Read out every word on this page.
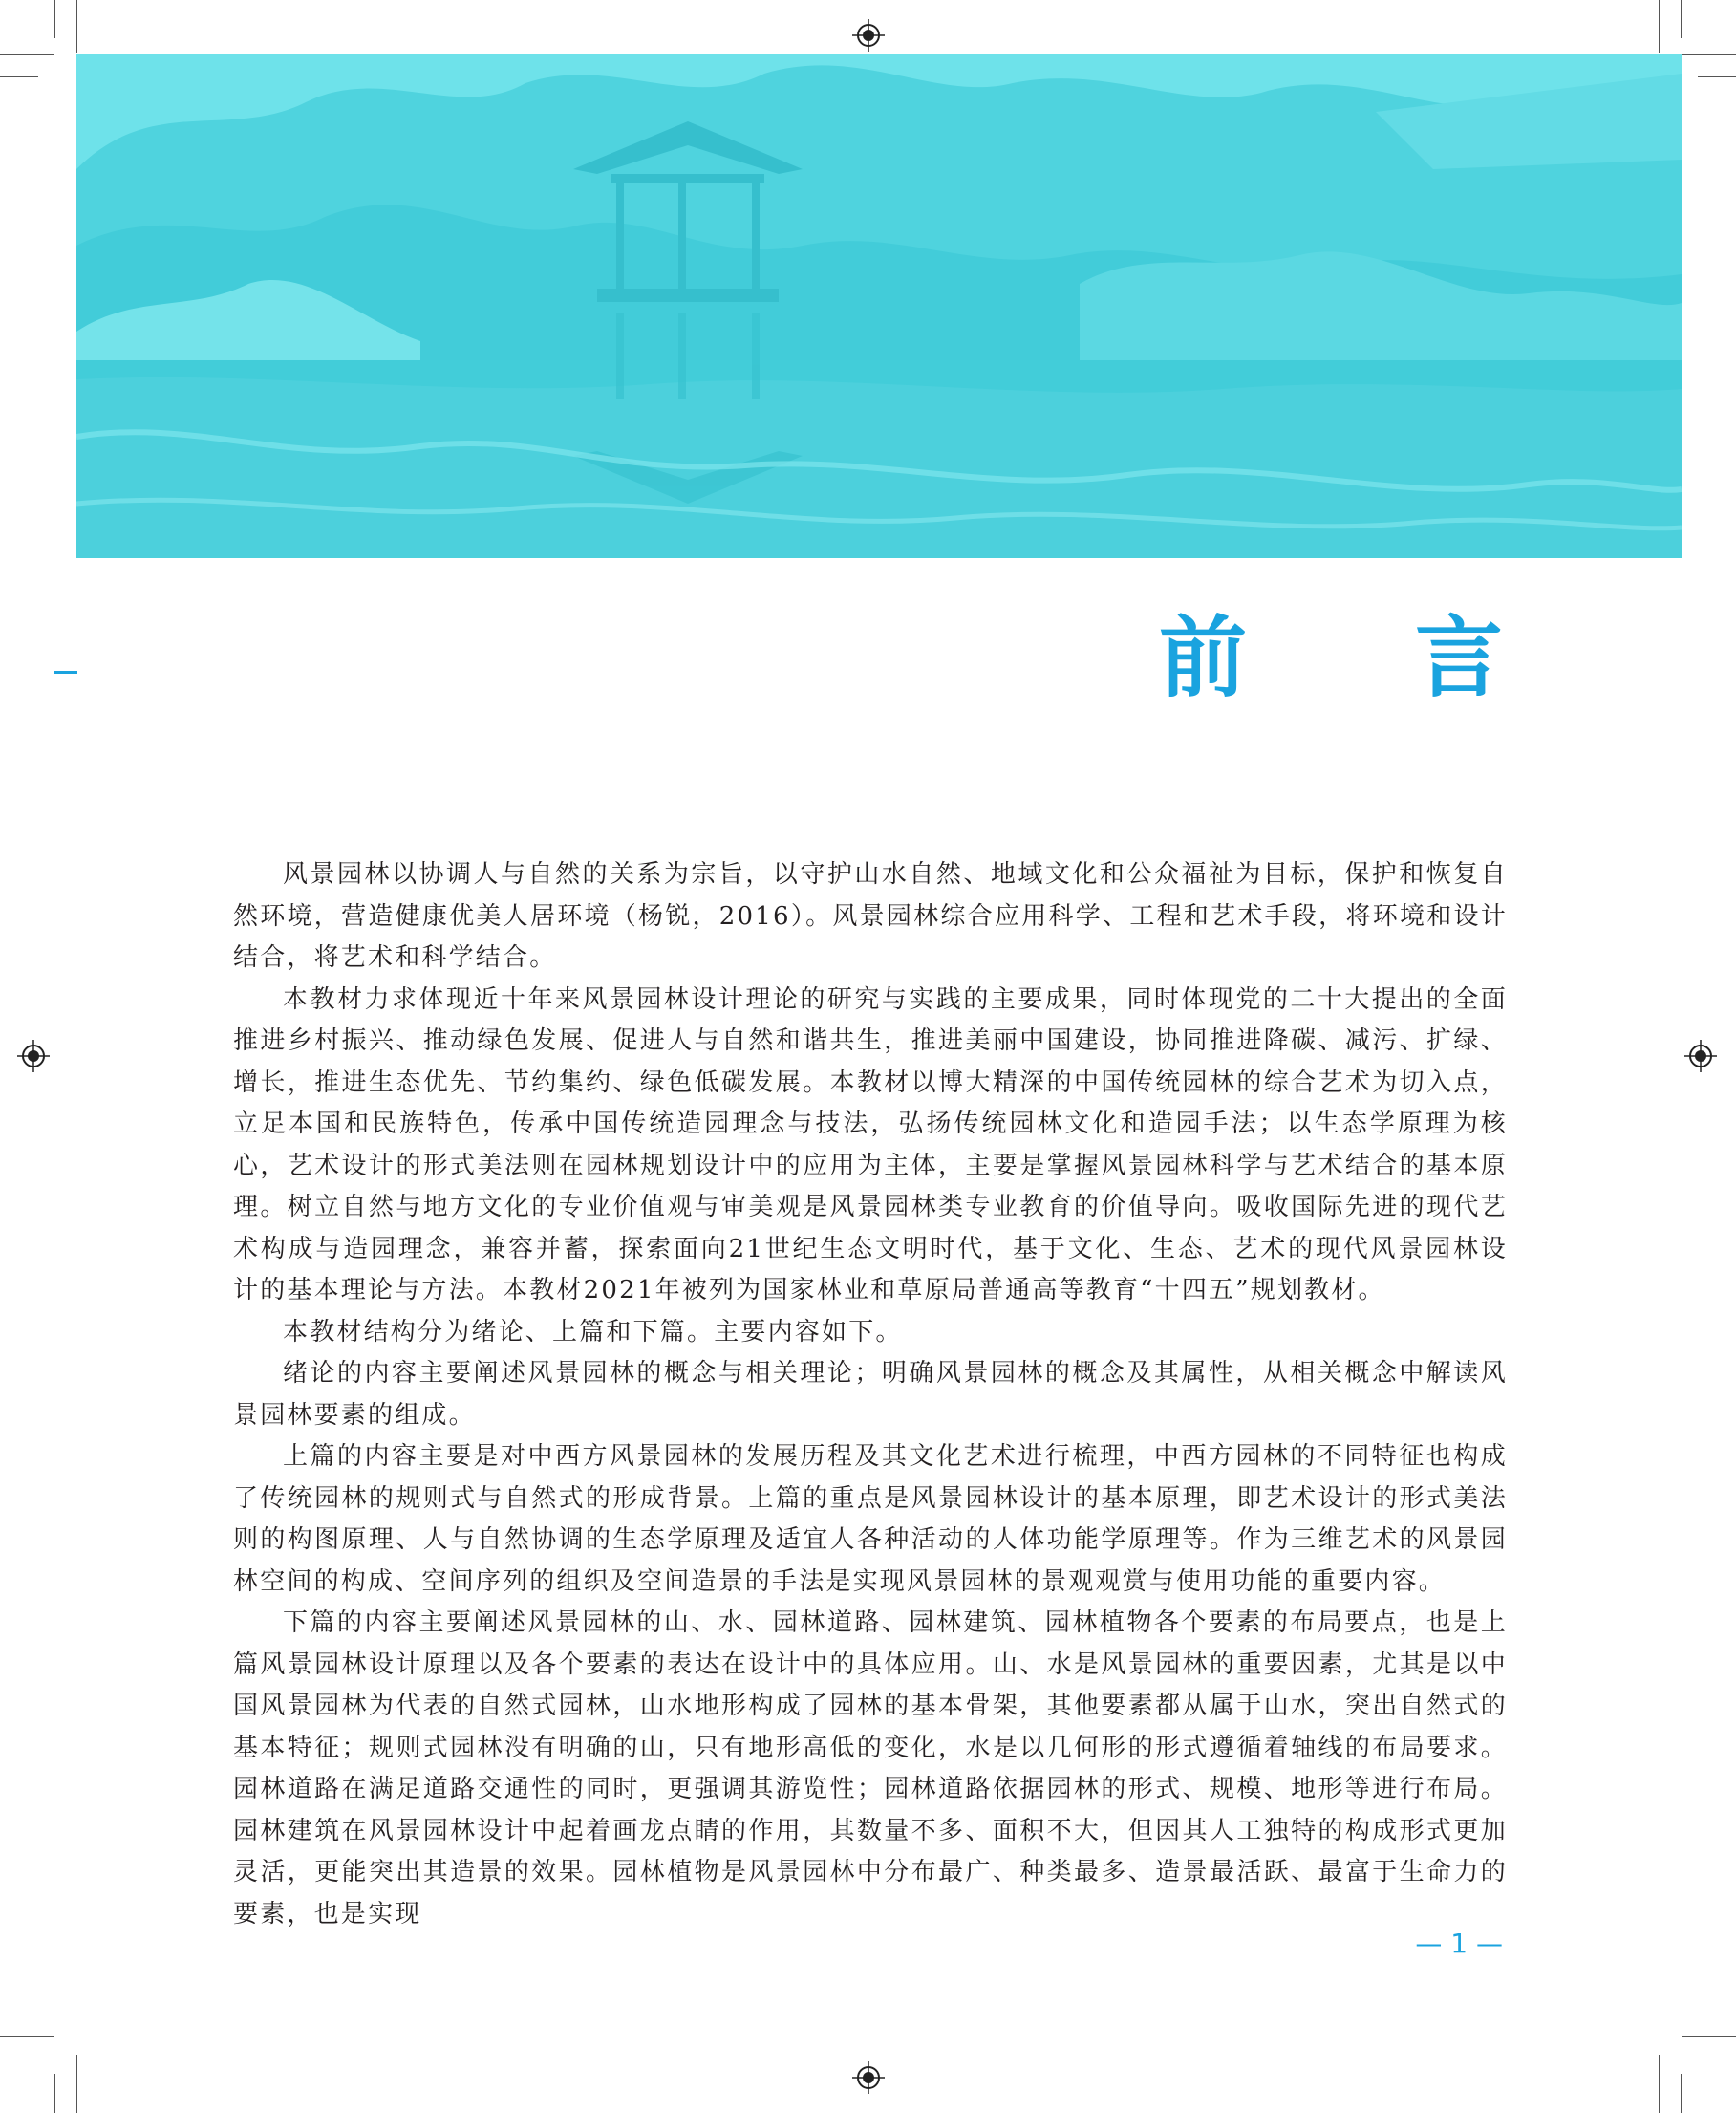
前 言

风景园林以协调人与自然的关系为宗旨，以守护山水自然、地域文化和公众福祉为目标，保护和恢复自然环境，营造健康优美人居环境（杨锐，2016）。风景园林综合应用科学、工程和艺术手段，将环境和设计结合，将艺术和科学结合。

本教材力求体现近十年来风景园林设计理论的研究与实践的主要成果，同时体现党的二十大提出的全面推进乡村振兴、推动绿色发展、促进人与自然和谐共生，推进美丽中国建设，协同推进降碳、减污、扩绿、增长，推进生态优先、节约集约、绿色低碳发展。本教材以博大精深的中国传统园林的综合艺术为切入点，立足本国和民族特色，传承中国传统造园理念与技法，弘扬传统园林文化和造园手法；以生态学原理为核心，艺术设计的形式美法则在园林规划设计中的应用为主体，主要是掌握风景园林科学与艺术结合的基本原理。树立自然与地方文化的专业价值观与审美观是风景园林类专业教育的价值导向。吸收国际先进的现代艺术构成与造园理念，兼容并蓄，探索面向21世纪生态文明时代，基于文化、生态、艺术的现代风景园林设计的基本理论与方法。本教材2021年被列为国家林业和草原局普通高等教育“十四五”规划教材。

本教材结构分为绪论、上篇和下篇。主要内容如下。

绪论的内容主要阐述风景园林的概念与相关理论；明确风景园林的概念及其属性，从相关概念中解读风景园林要素的组成。

上篇的内容主要是对中西方风景园林的发展历程及其文化艺术进行梳理，中西方园林的不同特征也构成了传统园林的规则式与自然式的形成背景。上篇的重点是风景园林设计的基本原理，即艺术设计的形式美法则的构图原理、人与自然协调的生态学原理及适宜人各种活动的人体功能学原理等。作为三维艺术的风景园林空间的构成、空间序列的组织及空间造景的手法是实现风景园林的景观观赏与使用功能的重要内容。

下篇的内容主要阐述风景园林的山、水、园林道路、园林建筑、园林植物各个要素的布局要点，也是上篇风景园林设计原理以及各个要素的表达在设计中的具体应用。山、水是风景园林的重要因素，尤其是以中国风景园林为代表的自然式园林，山水地形构成了园林的基本骨架，其他要素都从属于山水，突出自然式的基本特征；规则式园林没有明确的山，只有地形高低的变化，水是以几何形的形式遵循着轴线的布局要求。园林道路在满足道路交通性的同时，更强调其游览性；园林道路依据园林的形式、规模、地形等进行布局。园林建筑在风景园林设计中起着画龙点睛的作用，其数量不多、面积不大，但因其人工独特的构成形式更加灵活，更能突出其造景的效果。园林植物是风景园林中分布最广、种类最多、造景最活跃、最富于生命力的要素，也是实现

— 1 —
